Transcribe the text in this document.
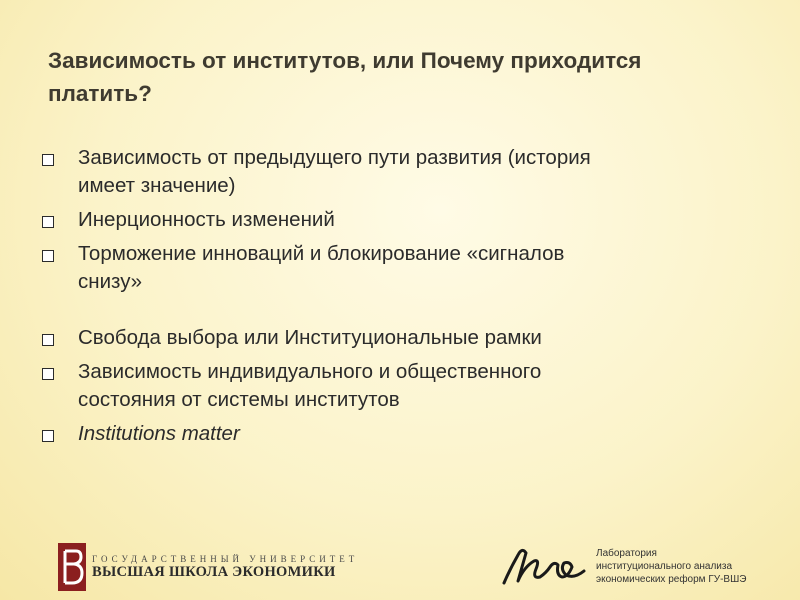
Зависимость от институтов, или Почему приходится
платить?
Зависимость от предыдущего пути развития (история
имеет значение)
Инерционность изменений
Торможение инноваций и блокирование «сигналов
снизу»
Свобода выбора или Институциональные рамки
Зависимость индивидуального и общественного
состояния от системы институтов
Institutions matter
ГОСУДАРСТВЕННЫЙ УНИВЕРСИТЕТ
ВЫСШАЯ ШКОЛА ЭКОНОМИКИ
Лаборатория
институционального анализа
экономических реформ ГУ-ВШЭ
